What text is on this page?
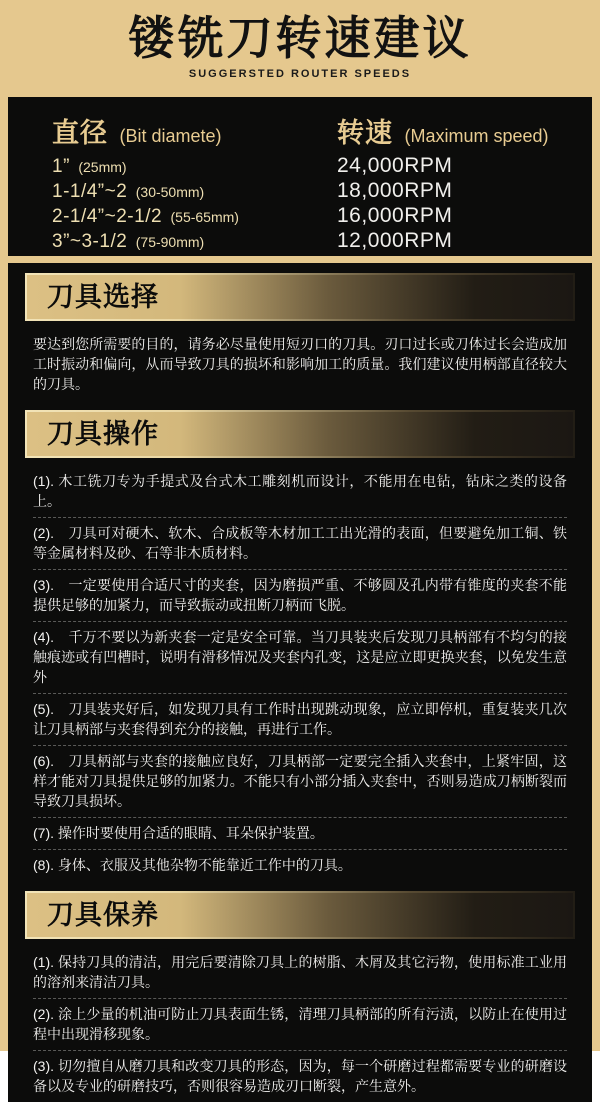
镂铣刀转速建议
SUGGERSTED ROUTER SPEEDS
直径 (Bit diamete)	转速 (Maximum speed)
1” (25mm)	24,000RPM
1-1/4”~2 (30-50mm)	18,000RPM
2-1/4”~2-1/2 (55-65mm)	16,000RPM
3”~3-1/2 (75-90mm)	12,000RPM
刀具选择

要达到您所需要的目的，请务必尽量使用短刃口的刀具。刃口过长或刀体过长会造成加工时振动和偏向，从而导致刀具的损坏和影响加工的质量。我们建议使用柄部直径较大的刀具。

刀具操作

(1). 木工铣刀专为手提式及台式木工雕刻机而设计，不能用在电钻，钻床之类的设备上。

(2).　刀具可对硬木、软木、合成板等木材加工工出光滑的表面，但要避免加工铜、铁等金属材料及砂、石等非木质材料。

(3).　一定要使用合适尺寸的夹套，因为磨损严重、不够圆及孔内带有锥度的夹套不能提供足够的加紧力，而导致振动或扭断刀柄而飞脱。

(4).　千万不要以为新夹套一定是安全可靠。当刀具装夹后发现刀具柄部有不均匀的接触痕迹或有凹槽时，说明有滑移情况及夹套内孔变，这是应立即更换夹套，以免发生意外

(5).　刀具装夹好后，如发现刀具有工作时出现跳动现象，应立即停机，重复装夹几次让刀具柄部与夹套得到充分的接触，再进行工作。

(6).　刀具柄部与夹套的接触应良好，刀具柄部一定要完全插入夹套中，上紧牢固，这样才能对刀具提供足够的加紧力。不能只有小部分插入夹套中，否则易造成刀柄断裂而导致刀具损坏。

(7). 操作时要使用合适的眼睛、耳朵保护装置。

(8). 身体、衣服及其他杂物不能靠近工作中的刀具。

刀具保养

(1). 保持刀具的清洁，用完后要清除刀具上的树脂、木屑及其它污物，使用标准工业用的溶剂来清洁刀具。

(2). 涂上少量的机油可防止刀具表面生锈，清理刀具柄部的所有污渍，以防止在使用过程中出现滑移现象。

(3). 切勿擅自从磨刀具和改变刀具的形态，因为，每一个研磨过程都需要专业的研磨设备以及专业的研磨技巧，否则很容易造成刃口断裂，产生意外。
